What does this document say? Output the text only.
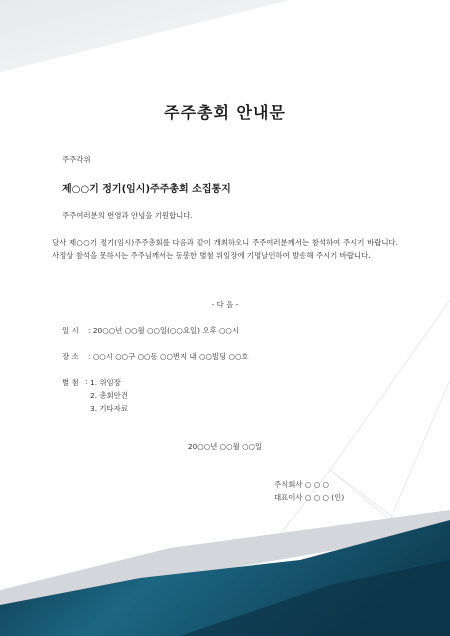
주주총회 안내문
주주각위
제○○기 정기(임시)주주총회 소집통지
주주여러분의 번영과 안녕을 기원합니다.
당사 제○○기 정기(임시)주주총회를 다음과 같이 개최하오니 주주여러분께서는 참석하여 주시기 바랍니다. 사정상 참석을 못하시는 주주님께서는 동봉한 별첨 위임장에 기명날인하여 발송해 주시기 바랍니다.
- 다 음 -
일 시 : 20○○년 ○○월 ○○일(○○요일) 오후 ○○시
장 소 : ○○시 ○○구 ○○동 ○○번지 내 ○○빌딩 ○○호
별 첨 : 1. 위임장
2. 총회안건
3. 기타자료
20○○년 ○○월 ○○일
주식회사 ○ ○ ○
대표이사 ○ ○ ○ (인)
